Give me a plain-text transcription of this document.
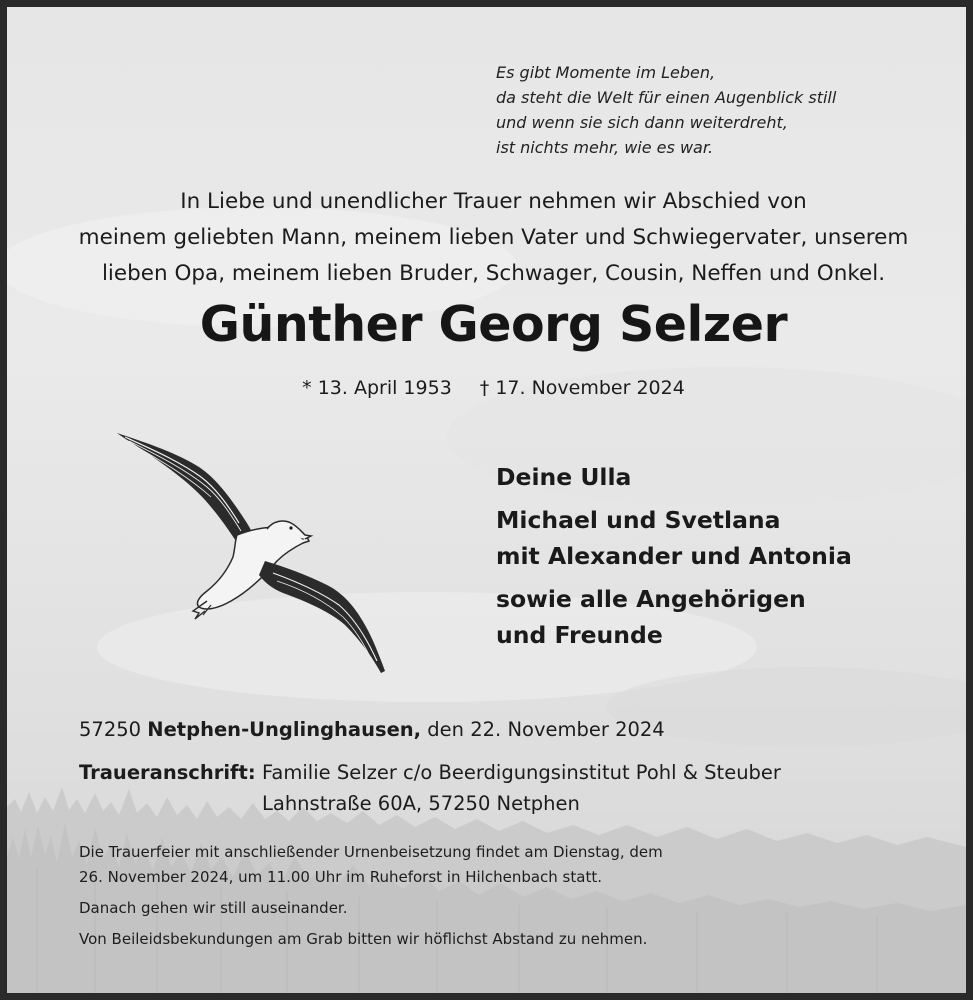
Es gibt Momente im Leben,
da steht die Welt für einen Augenblick still
und wenn sie sich dann weiterdreht,
ist nichts mehr, wie es war.
In Liebe und unendlicher Trauer nehmen wir Abschied von
meinem geliebten Mann, meinem lieben Vater und Schwiegervater, unserem
lieben Opa, meinem lieben Bruder, Schwager, Cousin, Neffen und Onkel.
Günther Georg Selzer
* 13. April 1953 † 17. November 2024
Deine Ulla
Michael und Svetlana
mit Alexander und Antonia
sowie alle Angehörigen
und Freunde
57250 Netphen-Unglinghausen, den 22. November 2024
Traueranschrift: Familie Selzer c/o Beerdigungsinstitut Pohl & Steuber
Lahnstraße 60A, 57250 Netphen

Die Trauerfeier mit anschließender Urnenbeisetzung findet am Dienstag, dem
26. November 2024, um 11.00 Uhr im Ruheforst in Hilchenbach statt.

Danach gehen wir still auseinander.

Von Beileidsbekundungen am Grab bitten wir höflichst Abstand zu nehmen.
